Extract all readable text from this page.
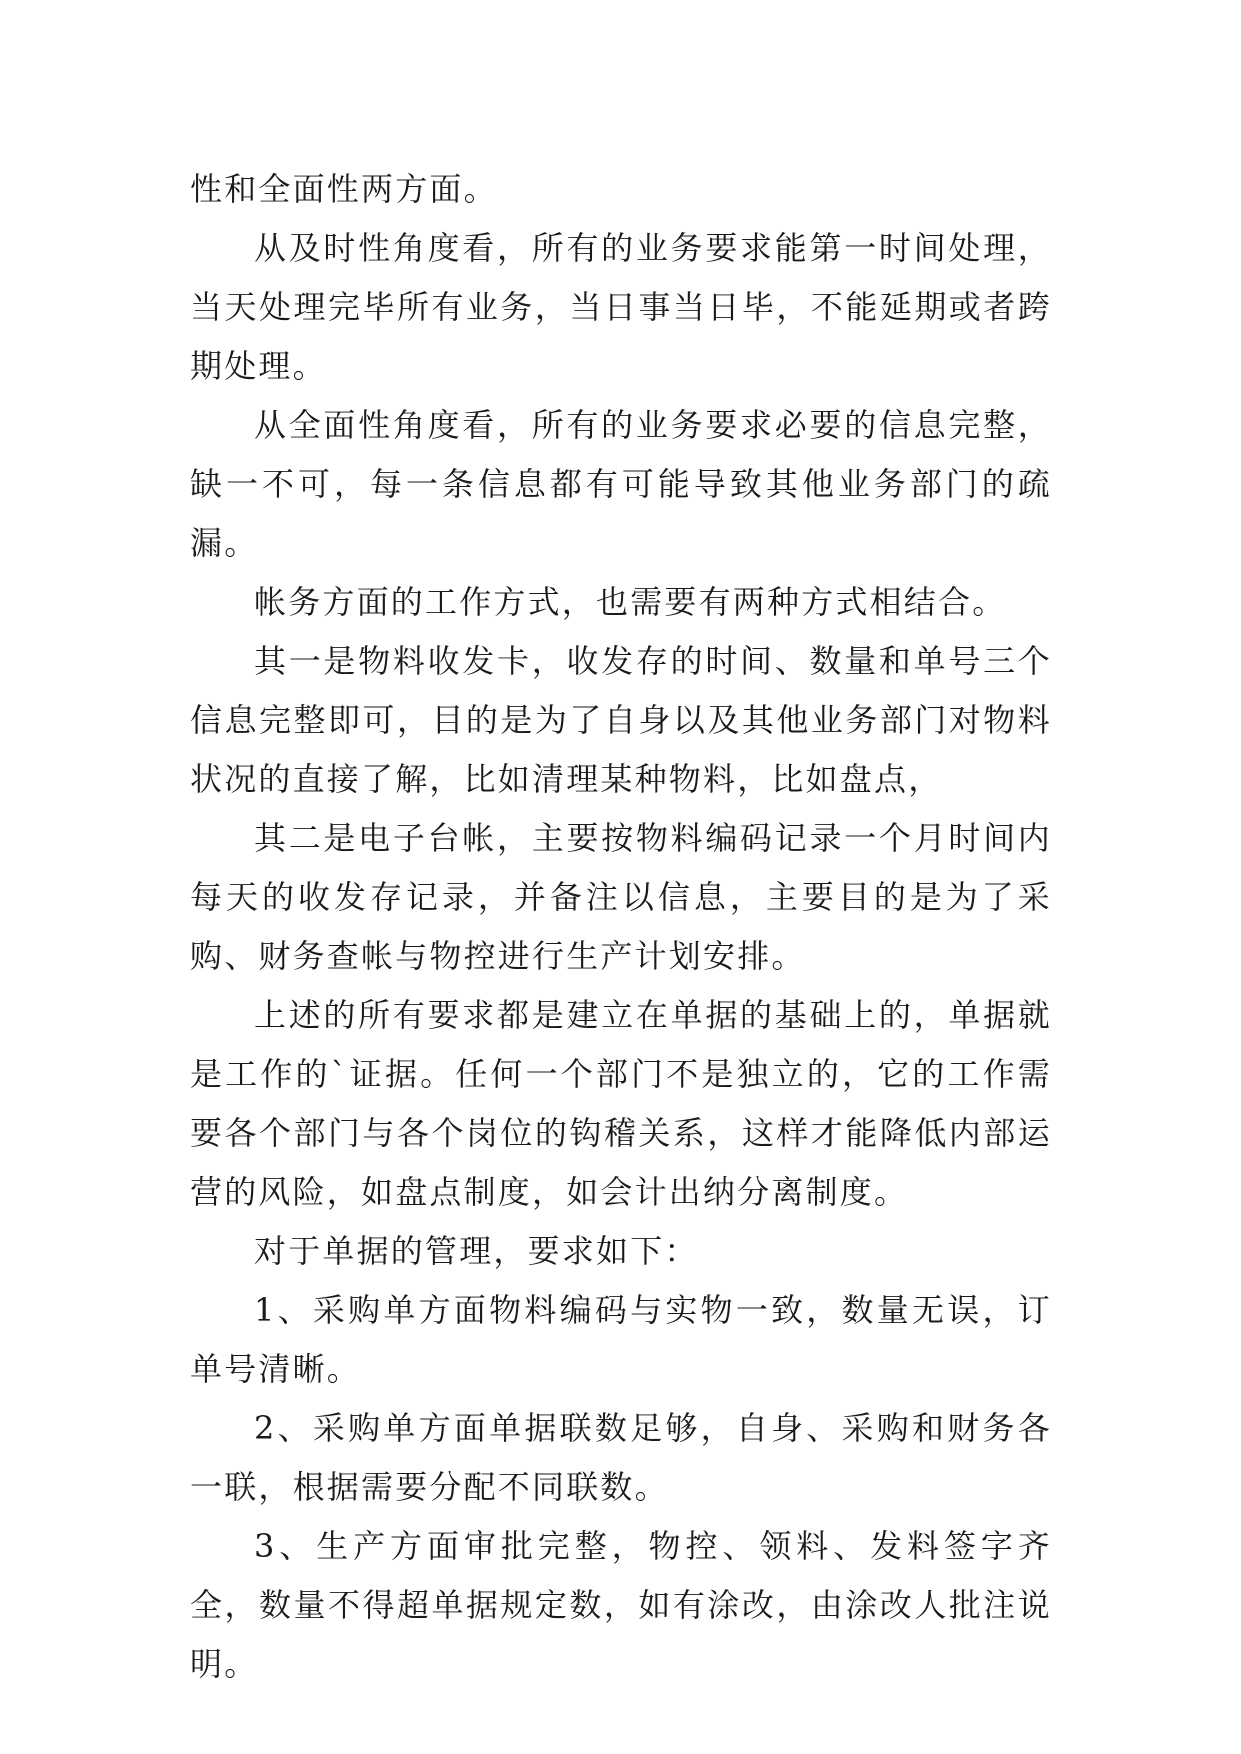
性和全面性两方面。

从及时性角度看，所有的业务要求能第一时间处理，当天处理完毕所有业务，当日事当日毕，不能延期或者跨期处理。

从全面性角度看，所有的业务要求必要的信息完整，缺一不可，每一条信息都有可能导致其他业务部门的疏漏。

帐务方面的工作方式，也需要有两种方式相结合。

其一是物料收发卡，收发存的时间、数量和单号三个信息完整即可，目的是为了自身以及其他业务部门对物料状况的直接了解，比如清理某种物料，比如盘点，

其二是电子台帐，主要按物料编码记录一个月时间内每天的收发存记录，并备注以信息，主要目的是为了采购、财务查帐与物控进行生产计划安排。

上述的所有要求都是建立在单据的基础上的，单据就是工作的`证据。任何一个部门不是独立的，它的工作需要各个部门与各个岗位的钩稽关系，这样才能降低内部运营的风险，如盘点制度，如会计出纳分离制度。

对于单据的管理，要求如下：

1、采购单方面物料编码与实物一致，数量无误，订单号清晰。

2、采购单方面单据联数足够，自身、采购和财务各一联，根据需要分配不同联数。

3、生产方面审批完整，物控、领料、发料签字齐全，数量不得超单据规定数，如有涂改，由涂改人批注说明。
